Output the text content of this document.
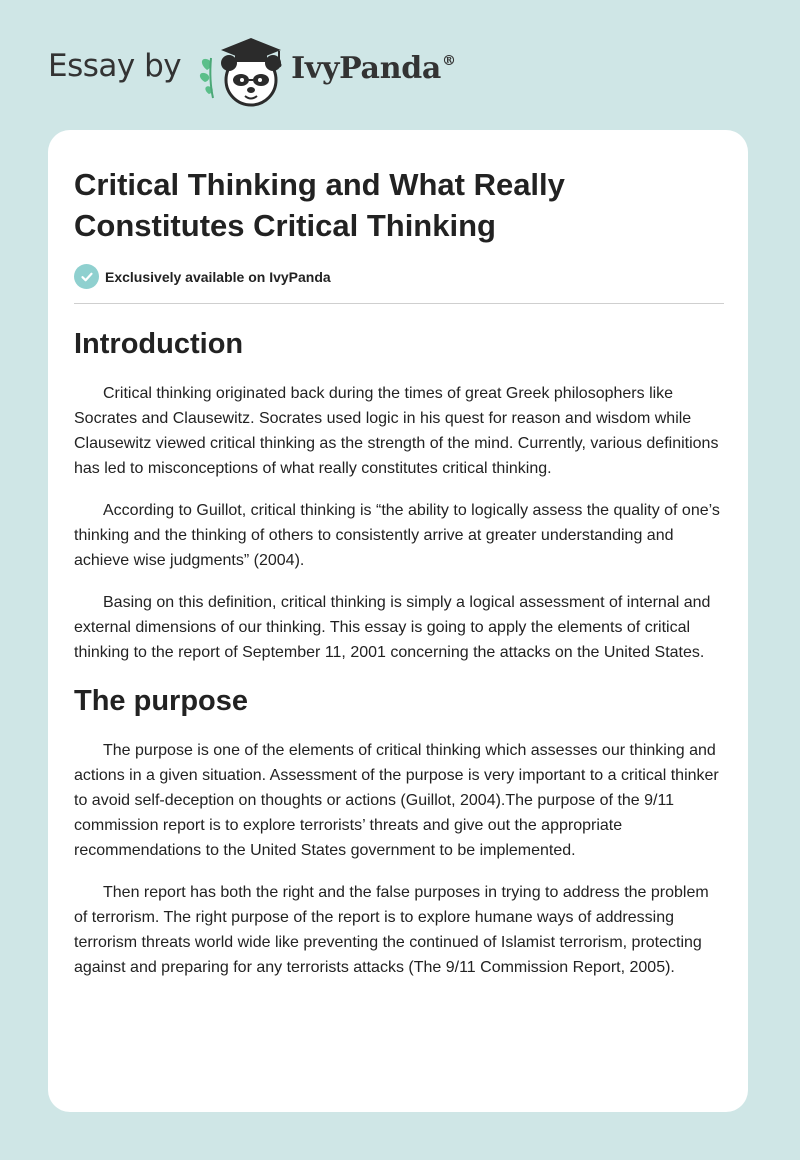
Essay by	IvyPanda®
Critical Thinking and What Really Constitutes Critical Thinking
Exclusively available on IvyPanda
Introduction

Critical thinking originated back during the times of great Greek philosophers like Socrates and Clausewitz. Socrates used logic in his quest for reason and wisdom while Clausewitz viewed critical thinking as the strength of the mind. Currently, various definitions has led to misconceptions of what really constitutes critical thinking.

According to Guillot, critical thinking is “the ability to logically assess the quality of one’s thinking and the thinking of others to consistently arrive at greater understanding and achieve wise judgments” (2004).

Basing on this definition, critical thinking is simply a logical assessment of internal and external dimensions of our thinking. This essay is going to apply the elements of critical thinking to the report of September 11, 2001 concerning the attacks on the United States.

The purpose

The purpose is one of the elements of critical thinking which assesses our thinking and actions in a given situation. Assessment of the purpose is very important to a critical thinker to avoid self-deception on thoughts or actions (Guillot, 2004).The purpose of the 9/11 commission report is to explore terrorists’ threats and give out the appropriate recommendations to the United States government to be implemented.

Then report has both the right and the false purposes in trying to address the problem of terrorism. The right purpose of the report is to explore humane ways of addressing terrorism threats world wide like preventing the continued of Islamist terrorism, protecting against and preparing for any terrorists attacks (The 9/11 Commission Report, 2005).
